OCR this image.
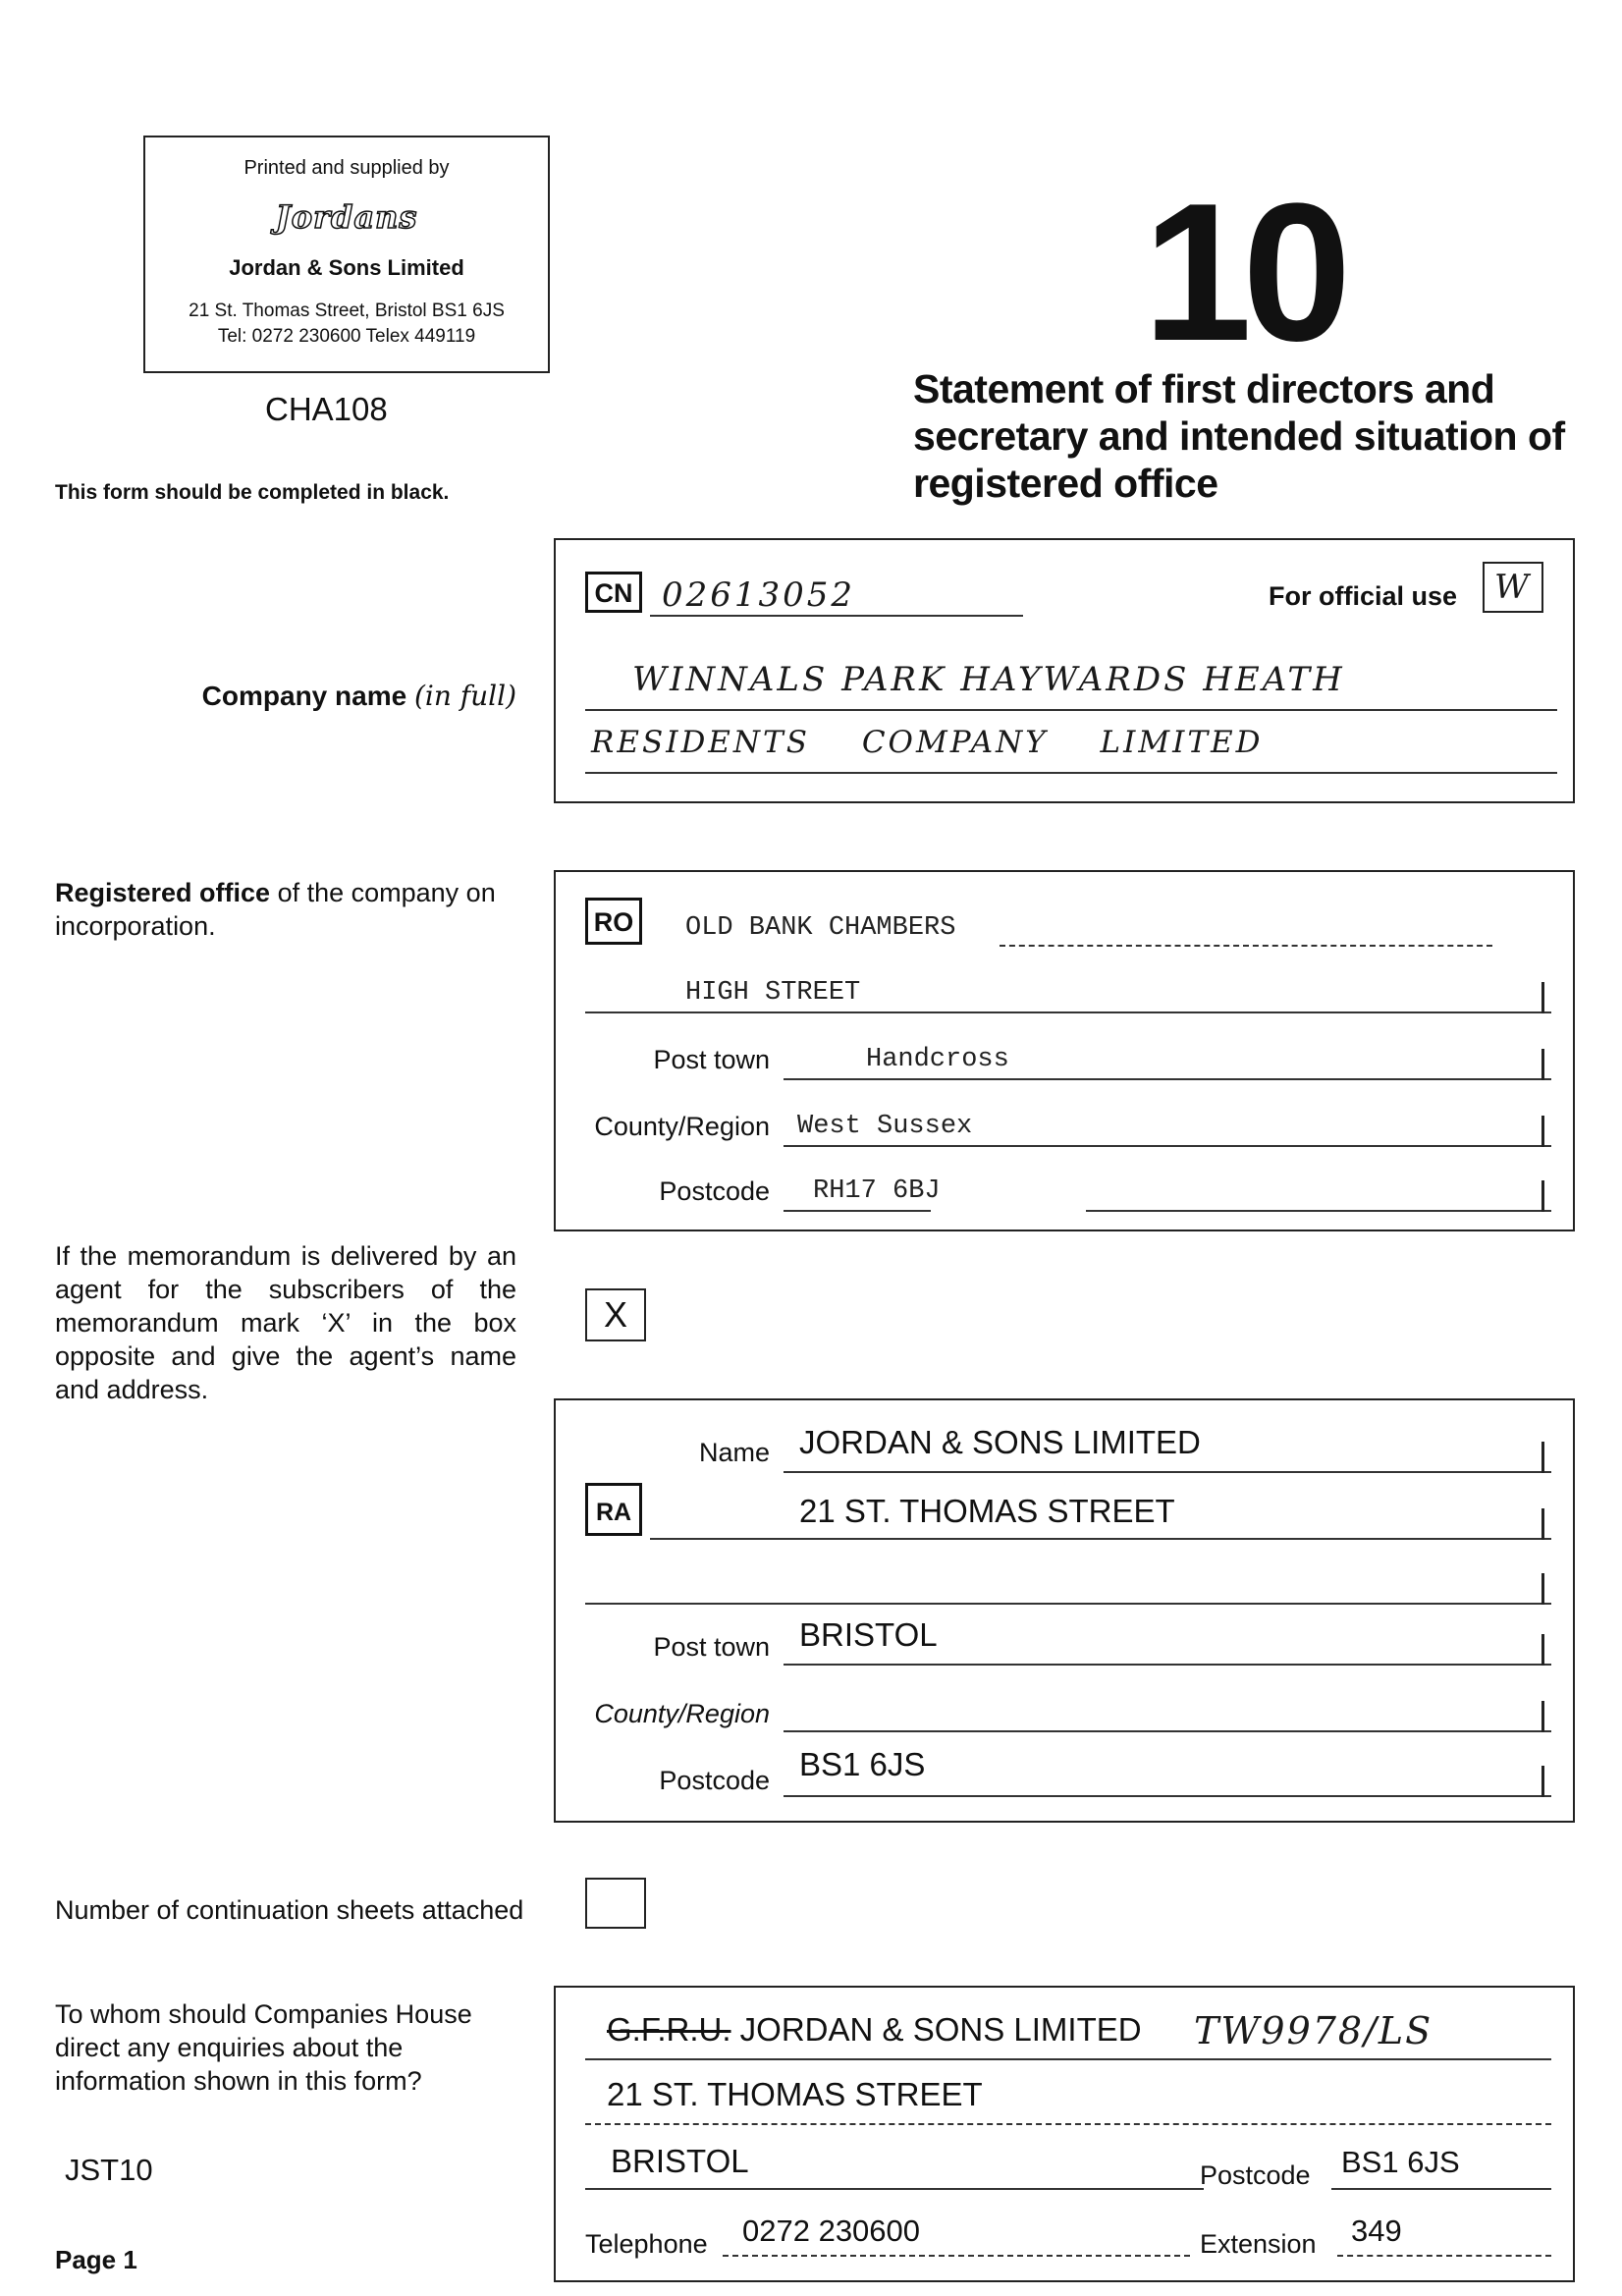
Printed and supplied by
Jordans
Jordan & Sons Limited
21 St. Thomas Street, Bristol BS1 6JS
Tel: 0272 230600 Telex 449119
CHA108
This form should be completed in black.
10
Statement of first directors and secretary and intended situation of registered office
CN 02613052	For official use	W
WINNALS PARK HAYWARDS HEATH
RESIDENTS COMPANY LIMITED
Company name (in full)
Registered office of the company on incorporation.	RO	OLD BANK CHAMBERS
HIGH STREET
Post town	Handcross
County/Region West Sussex
Postcode RH17 6BJ
If the memorandum is delivered by an agent for the subscribers of the memorandum mark ‘X’ in the box opposite and give the agent’s name and address.
X
Name JORDAN & SONS LIMITED
RA	21 ST. THOMAS STREET
Post town BRISTOL
County/Region
Postcode BS1 6JS
Number of continuation sheets attached
To whom should Companies House direct any enquiries about the information shown in this form?
G.F.R.U. JORDAN & SONS LIMITED TW9978/LS
21 ST. THOMAS STREET
BRISTOL	Postcode BS1 6JS
Telephone 0272 230600	Extension 349
JST10
Page 1
